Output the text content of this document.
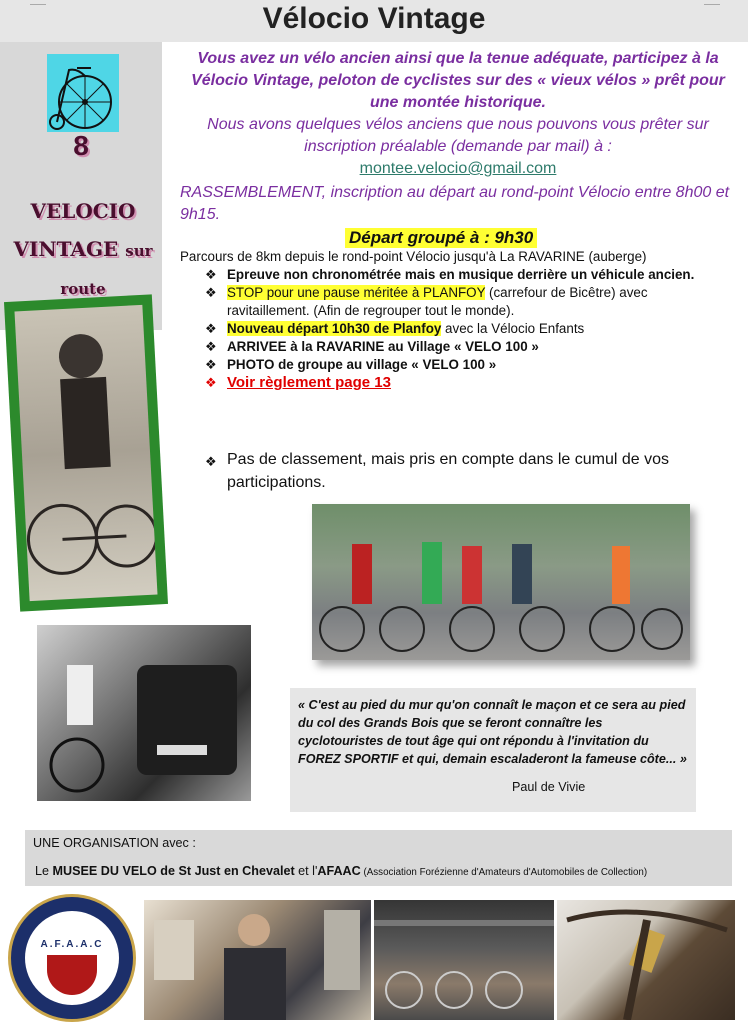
Vélocio Vintage
8
VELOCIO
VINTAGE sur
route
Vous avez un vélo ancien ainsi que la tenue adéquate, participez à la Vélocio Vintage, peloton de cyclistes sur des « vieux vélos » prêt pour une montée historique.
Nous avons quelques vélos anciens que nous pouvons vous prêter sur inscription préalable (demande par mail) à :
montee.velocio@gmail.com
RASSEMBLEMENT, inscription au départ au rond-point Vélocio entre 8h00 et 9h15.
Départ groupé à : 9h30
Parcours de 8km depuis le rond-point Vélocio jusqu'à La RAVARINE (auberge)
❖ Epreuve non chronométrée mais en musique derrière un véhicule ancien.
❖ STOP pour une pause méritée à PLANFOY (carrefour de Bicêtre) avec ravitaillement. (Afin de regrouper tout le monde).
❖ Nouveau départ 10h30 de Planfoy avec la Vélocio Enfants
❖ ARRIVEE à la RAVARINE au Village « VELO 100 »
❖ PHOTO de groupe au village « VELO 100 »
❖ Voir règlement page 13
❖ Pas de classement, mais pris en compte dans le cumul de vos participations.
« C'est au pied du mur qu'on connaît le maçon et ce sera au pied du col des Grands Bois que se feront connaître les cyclotouristes de tout âge qui ont répondu à l'invitation du FOREZ SPORTIF et qui, demain escaladeront la fameuse côte... »
Paul de Vivie
UNE ORGANISATION avec :
Le MUSEE DU VELO de St Just en Chevalet et l'AFAAC (Association Forézienne d'Amateurs d'Automobiles de Collection)
A.F.A.A.C
